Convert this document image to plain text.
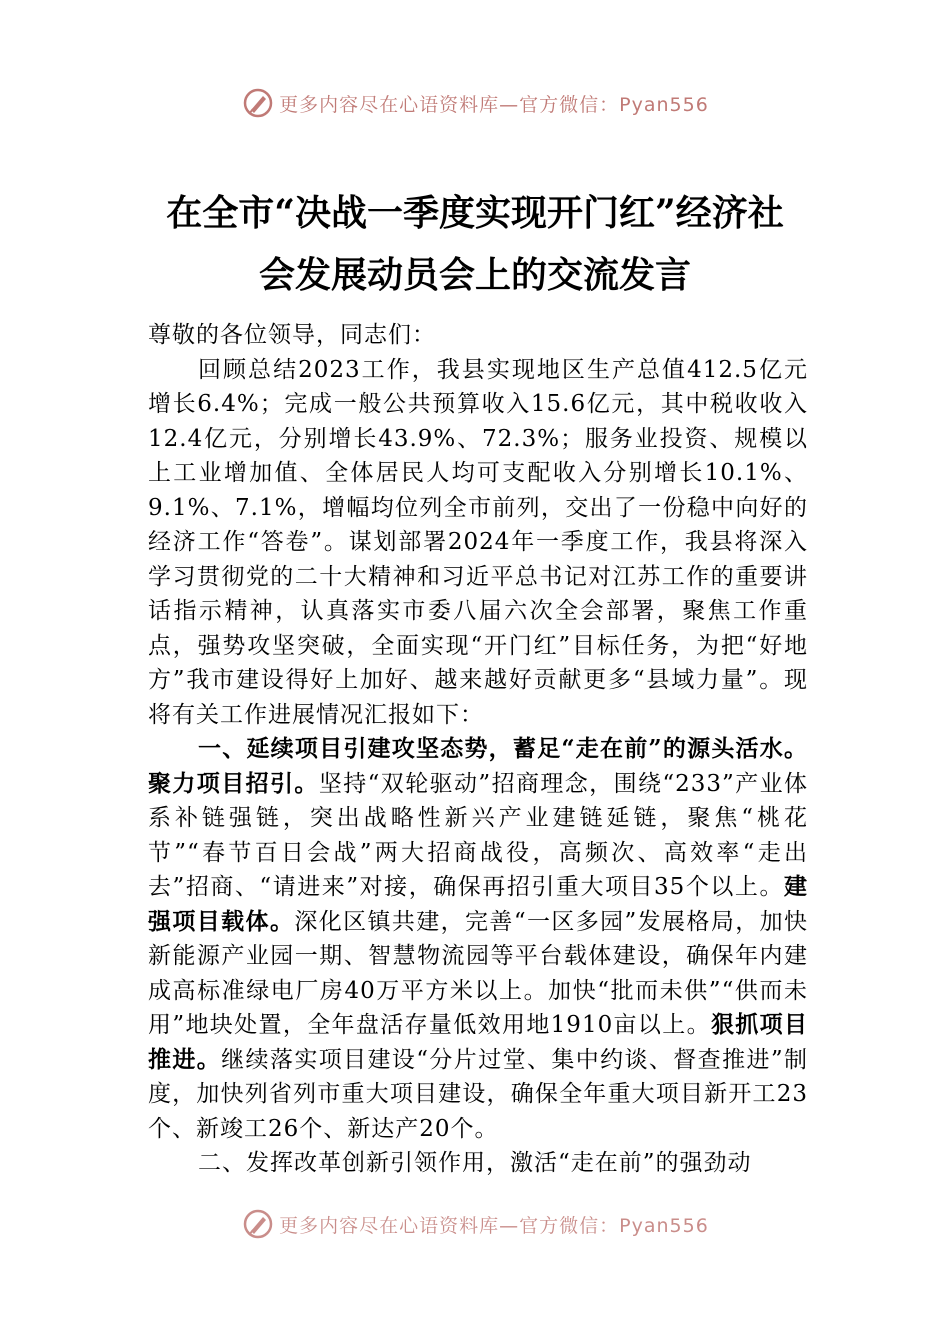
更多内容尽在心语资料库—官方微信：Pyan556
在全市“决战一季度实现开门红”经济社
会发展动员会上的交流发言

尊敬的各位领导，同志们：

回顾总结2023工作，我县实现地区生产总值412.5亿元增长6.4%；完成一般公共预算收入15.6亿元，其中税收收入12.4亿元，分别增长43.9%、72.3%；服务业投资、规模以上工业增加值、全体居民人均可支配收入分别增长10.1%、9.1%、7.1%，增幅均位列全市前列，交出了一份稳中向好的经济工作“答卷”。谋划部署2024年一季度工作，我县将深入学习贯彻党的二十大精神和习近平总书记对江苏工作的重要讲话指示精神，认真落实市委八届六次全会部署，聚焦工作重点，强势攻坚突破，全面实现“开门红”目标任务，为把“好地方”我市建设得好上加好、越来越好贡献更多“县域力量”。现将有关工作进展情况汇报如下：

一、延续项目引建攻坚态势，蓄足“走在前”的源头活水。聚力项目招引。坚持“双轮驱动”招商理念，围绕“233”产业体系补链强链，突出战略性新兴产业建链延链，聚焦“桃花节”“春节百日会战”两大招商战役，高频次、高效率“走出去”招商、“请进来”对接，确保再招引重大项目35个以上。建强项目载体。深化区镇共建，完善“一区多园”发展格局，加快新能源产业园一期、智慧物流园等平台载体建设，确保年内建成高标准绿电厂房40万平方米以上。加快“批而未供”“供而未用”地块处置，全年盘活存量低效用地1910亩以上。狠抓项目推进。继续落实项目建设“分片过堂、集中约谈、督查推进”制度，加快列省列市重大项目建设，确保全年重大项目新开工23个、新竣工26个、新达产20个。

二、发挥改革创新引领作用，激活“走在前”的强劲动

更多内容尽在心语资料库—官方微信：Pyan556
